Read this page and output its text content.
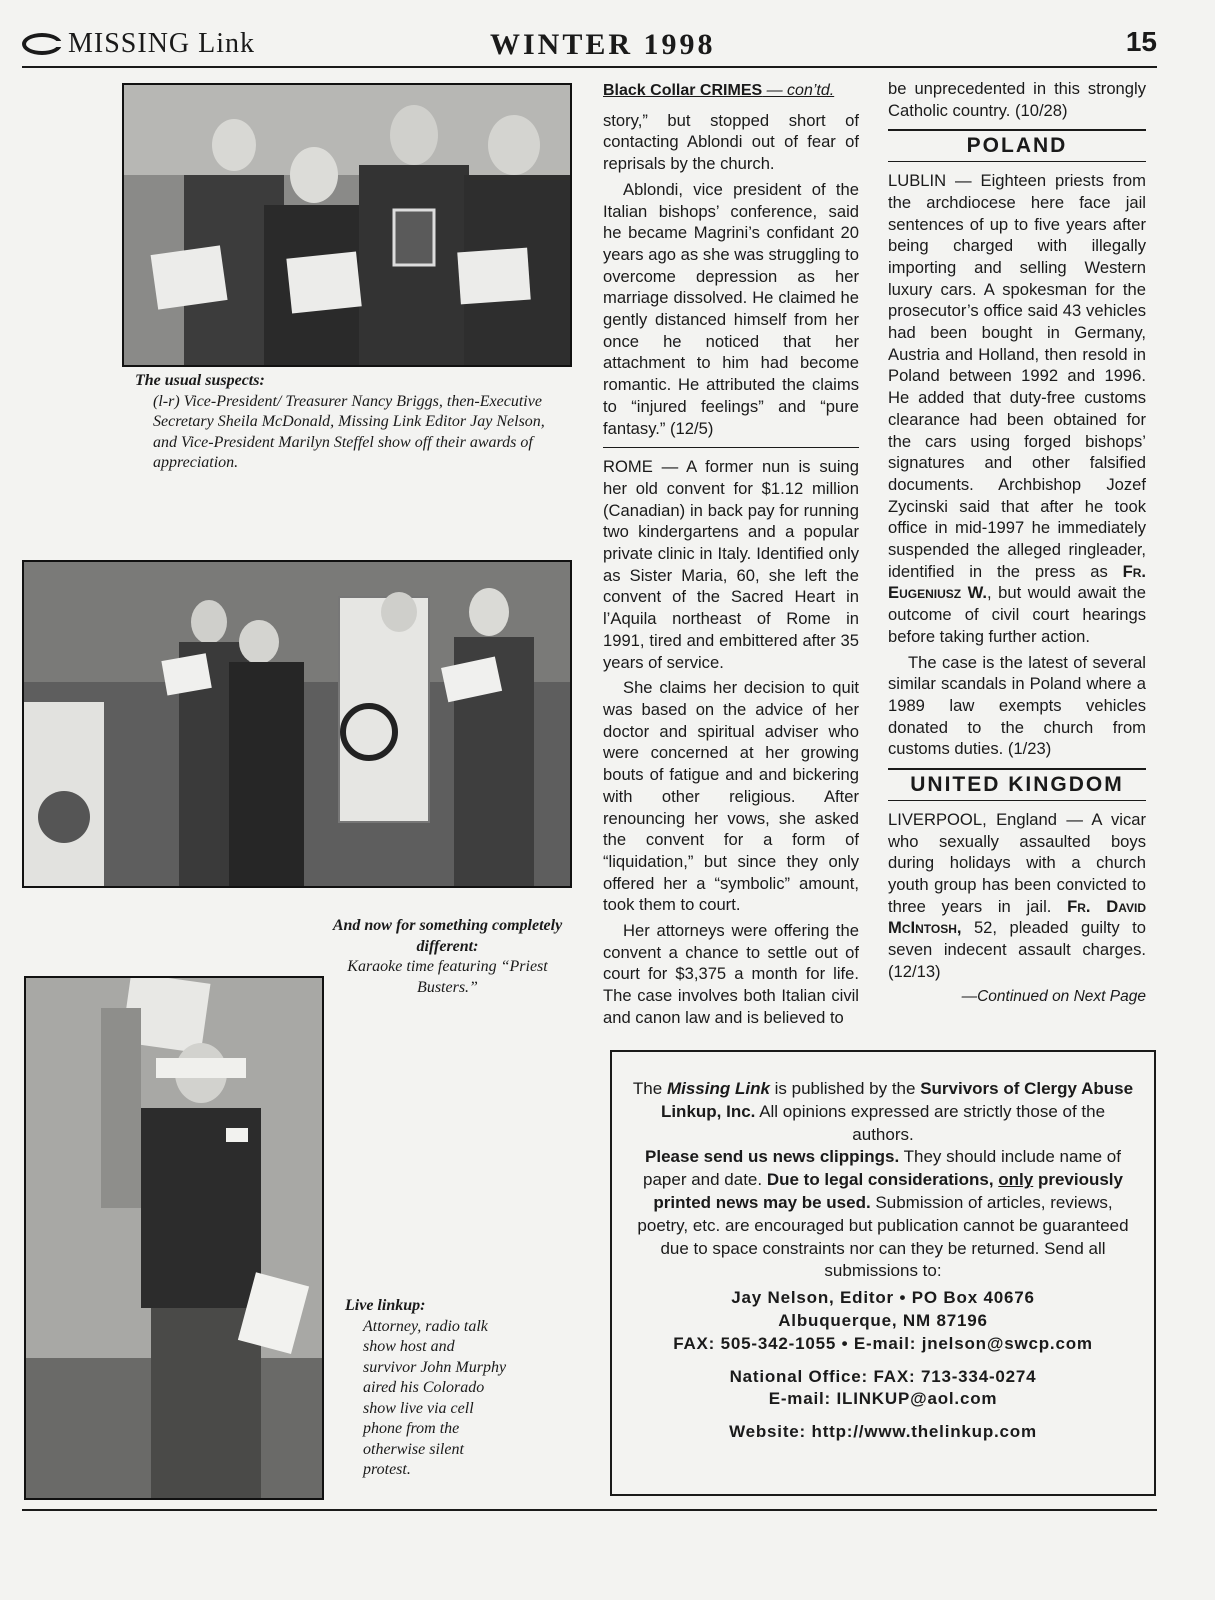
MISSING Link	WINTER 1998	15
The usual suspects:
(l-r) Vice-President/ Treasurer Nancy Briggs, then-Executive Secretary Sheila McDonald, Missing Link Editor Jay Nelson, and Vice-President Marilyn Steffel show off their awards of appreciation.
And now for something completely different:
Karaoke time featuring “Priest Busters.”
Live linkup:
Attorney, radio talk show host and survivor John Murphy aired his Colorado show live via cell phone from the otherwise silent protest.
Black Collar CRIMES — con’td.

story,” but stopped short of contacting Ablondi out of fear of reprisals by the church.

Ablondi, vice president of the Italian bishops’ conference, said he became Magrini’s confidant 20 years ago as she was struggling to overcome depression as her marriage dissolved. He claimed he gently distanced himself from her once he noticed that her attachment to him had become romantic. He attributed the claims to “injured feelings” and “pure fantasy.” (12/5)

ROME — A former nun is suing her old convent for $1.12 million (Canadian) in back pay for running two kindergartens and a popular private clinic in Italy. Identified only as Sister Maria, 60, she left the convent of the Sacred Heart in l’Aquila northeast of Rome in 1991, tired and embittered after 35 years of service.

She claims her decision to quit was based on the advice of her doctor and spiritual adviser who were concerned at her growing bouts of fatigue and and bickering with other religious. After renouncing her vows, she asked the convent for a form of “liquidation,” but since they only offered her a “symbolic” amount, took them to court.

Her attorneys were offering the convent a chance to settle out of court for $3,375 a month for life. The case involves both Italian civil and canon law and is believed to

be unprecedented in this strongly Catholic country. (10/28)

POLAND

LUBLIN — Eighteen priests from the archdiocese here face jail sentences of up to five years after being charged with illegally importing and selling Western luxury cars. A spokesman for the prosecutor’s office said 43 vehicles had been bought in Germany, Austria and Holland, then resold in Poland between 1992 and 1996. He added that duty-free customs clearance had been obtained for the cars using forged bishops’ signatures and other falsified documents. Archbishop Jozef Zycinski said that after he took office in mid-1997 he immediately suspended the alleged ringleader, identified in the press as Fr. Eugeniusz W., but would await the outcome of civil court hearings before taking further action.

The case is the latest of several similar scandals in Poland where a 1989 law exempts vehicles donated to the church from customs duties. (1/23)

UNITED KINGDOM

LIVERPOOL, England — A vicar who sexually assaulted boys during holidays with a church youth group has been convicted to three years in jail. Fr. David McIntosh, 52, pleaded guilty to seven indecent assault charges. (12/13)

—Continued on Next Page

The Missing Link is published by the Survivors of Clergy Abuse Linkup, Inc. All opinions expressed are strictly those of the authors.

Please send us news clippings. They should include name of paper and date. Due to legal considerations, only previously printed news may be used. Submission of articles, reviews, poetry, etc. are encouraged but publication cannot be guaranteed due to space constraints nor can they be returned. Send all submissions to:

Jay Nelson, Editor • PO Box 40676

Albuquerque, NM 87196

FAX: 505-342-1055 • E-mail: jnelson@swcp.com

National Office: FAX: 713-334-0274

E-mail: ILINKUP@aol.com

Website: http://www.thelinkup.com
